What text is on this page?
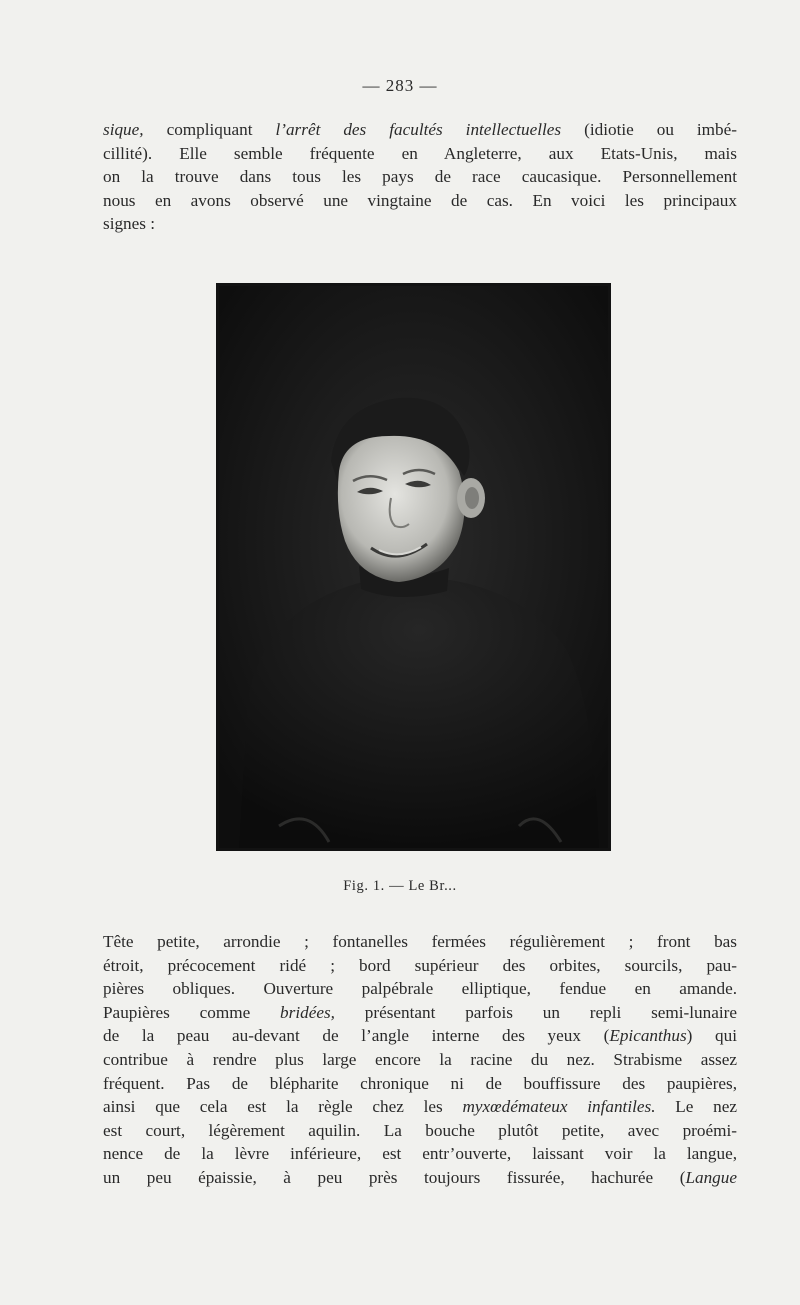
— 283 —
sique, compliquant l’arrêt des facultés intellectuelles (idiotie ou imbé-
cillité). Elle semble fréquente en Angleterre, aux Etats-Unis, mais
on la trouve dans tous les pays de race caucasique. Personnellement
nous en avons observé une vingtaine de cas. En voici les principaux
signes :
Fig. 1. — Le Br...
Tête petite, arrondie ; fontanelles fermées régulièrement ; front bas
étroit, précocement ridé ; bord supérieur des orbites, sourcils, pau-
pières obliques. Ouverture palpébrale elliptique, fendue en amande.
Paupières comme bridées, présentant parfois un repli semi-lunaire
de la peau au-devant de l’angle interne des yeux (Epicanthus) qui
contribue à rendre plus large encore la racine du nez. Strabisme assez
fréquent. Pas de blépharite chronique ni de bouffissure des paupières,
ainsi que cela est la règle chez les myxœdémateux infantiles. Le nez
est court, légèrement aquilin. La bouche plutôt petite, avec proémi-
nence de la lèvre inférieure, est entr’ouverte, laissant voir la langue,
un peu épaissie, à peu près toujours fissurée, hachurée (Langue
